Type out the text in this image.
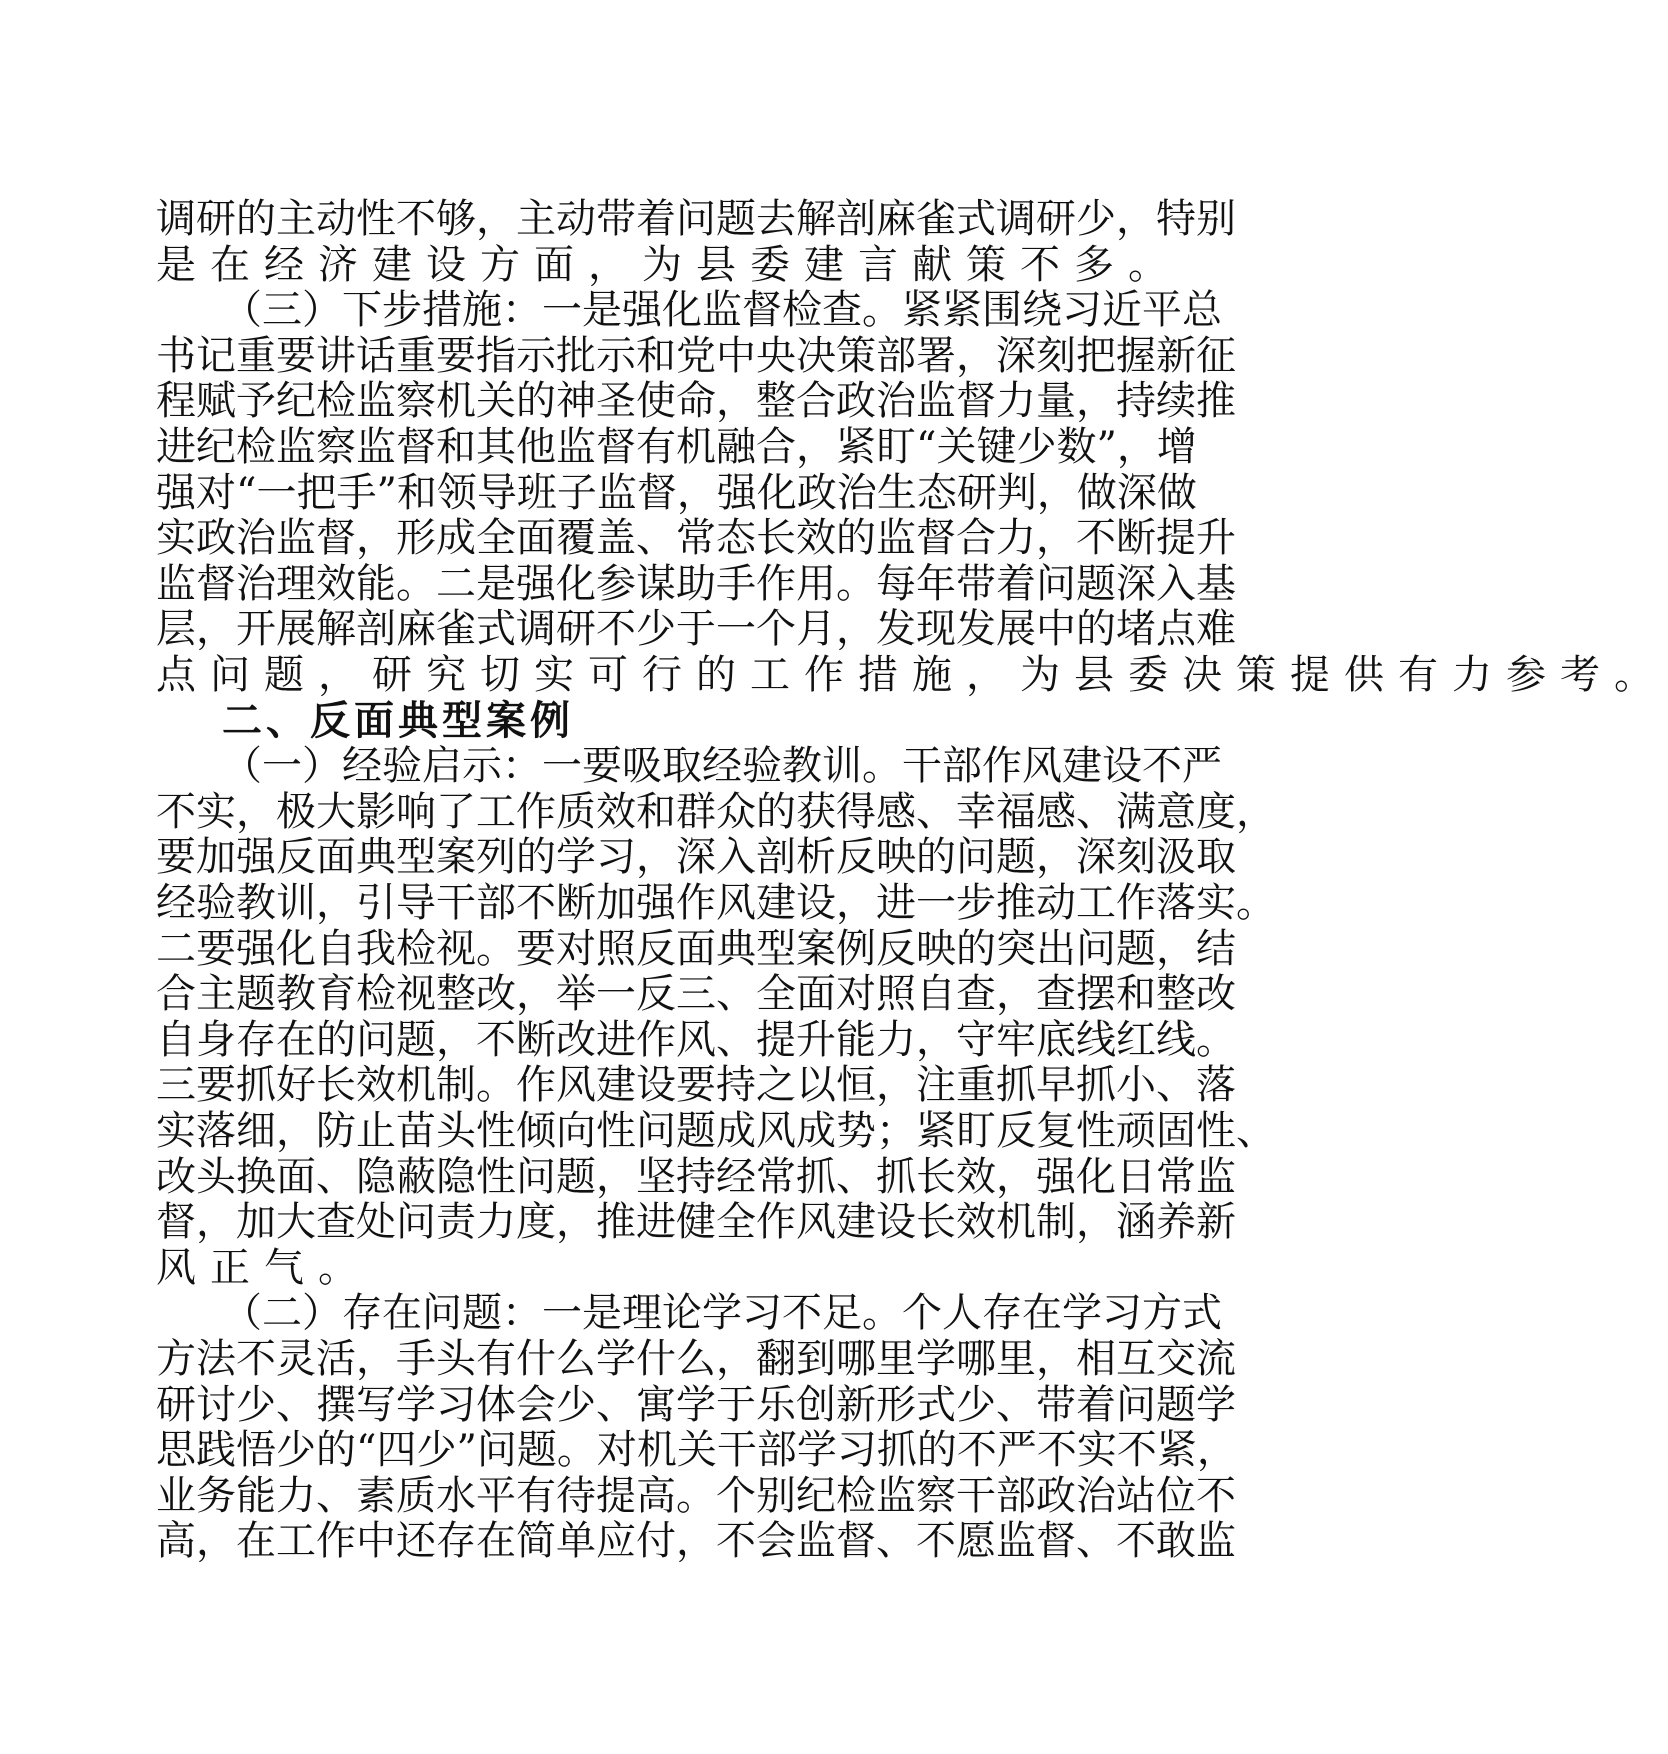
调研的主动性不够，主动带着问题去解剖麻雀式调研少，特别
是在经济建设方面，为县委建言献策不多。
（三）下步措施：一是强化监督检查。紧紧围绕习近平总
书记重要讲话重要指示批示和党中央决策部署，深刻把握新征
程赋予纪检监察机关的神圣使命，整合政治监督力量，持续推
进纪检监察监督和其他监督有机融合，紧盯“关键少数”，增
强对“一把手”和领导班子监督，强化政治生态研判，做深做
实政治监督，形成全面覆盖、常态长效的监督合力，不断提升
监督治理效能。二是强化参谋助手作用。每年带着问题深入基
层，开展解剖麻雀式调研不少于一个月，发现发展中的堵点难
点问题，研究切实可行的工作措施，为县委决策提供有力参考。
二、反面典型案例
（一）经验启示：一要吸取经验教训。干部作风建设不严
不实，极大影响了工作质效和群众的获得感、幸福感、满意度，
要加强反面典型案列的学习，深入剖析反映的问题，深刻汲取
经验教训，引导干部不断加强作风建设，进一步推动工作落实。
二要强化自我检视。要对照反面典型案例反映的突出问题，结
合主题教育检视整改，举一反三、全面对照自查，查摆和整改
自身存在的问题，不断改进作风、提升能力，守牢底线红线。
三要抓好长效机制。作风建设要持之以恒，注重抓早抓小、落
实落细，防止苗头性倾向性问题成风成势；紧盯反复性顽固性、
改头换面、隐蔽隐性问题，坚持经常抓、抓长效，强化日常监
督，加大查处问责力度，推进健全作风建设长效机制，涵养新
风正气。
（二）存在问题：一是理论学习不足。个人存在学习方式
方法不灵活，手头有什么学什么，翻到哪里学哪里，相互交流
研讨少、撰写学习体会少、寓学于乐创新形式少、带着问题学
思践悟少的“四少”问题。对机关干部学习抓的不严不实不紧，
业务能力、素质水平有待提高。个别纪检监察干部政治站位不
高，在工作中还存在简单应付，不会监督、不愿监督、不敢监
